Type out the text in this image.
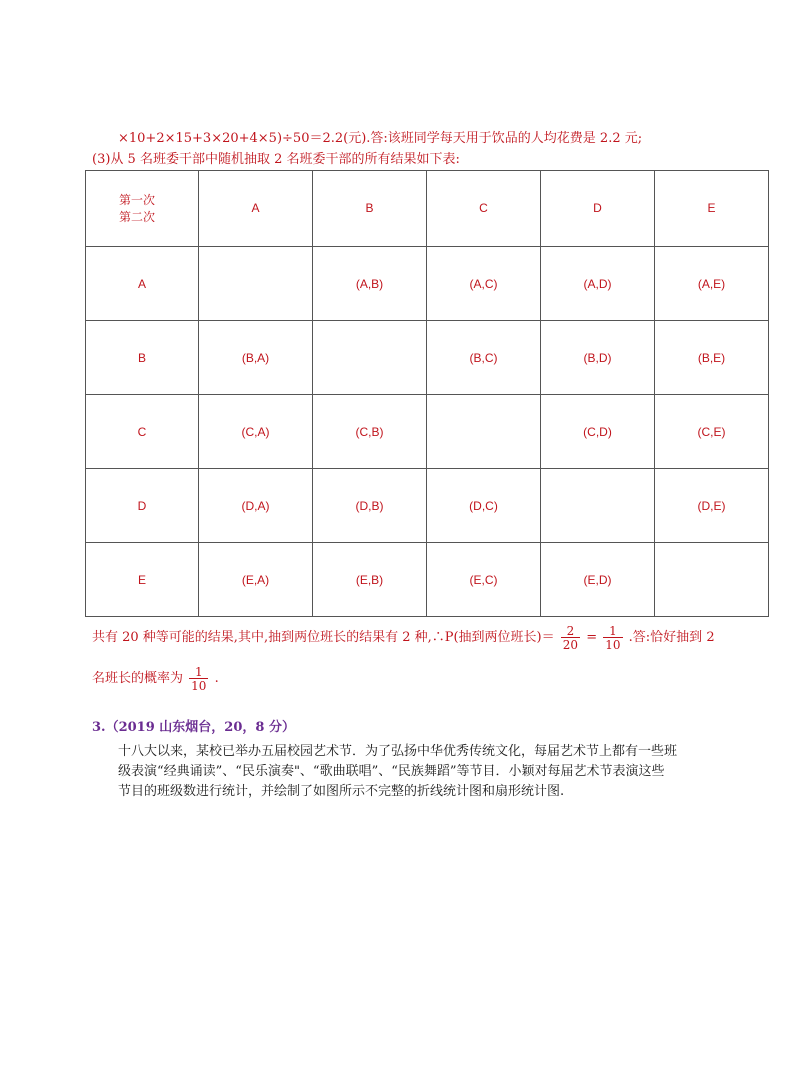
×10+2×15+3×20+4×5)÷50＝2.2(元).答:该班同学每天用于饮品的人均花费是 2.2 元;
(3)从 5 名班委干部中随机抽取 2 名班委干部的所有结果如下表:
第一次
第二次	A	B	C	D	E
A		(A,B)	(A,C)	(A,D)	(A,E)
B	(B,A)		(B,C)	(B,D)	(B,E)
C	(C,A)	(C,B)		(C,D)	(C,E)
D	(D,A)	(D,B)	(D,C)		(D,E)
E	(E,A)	(E,B)	(E,C)	(E,D)	
共有 20 种等可能的结果,其中,抽到两位班长的结果有 2 种,∴P(抽到两位班长)＝ $\frac{2}{20} = \frac{1}{10}$ .答:恰好抽到 2
名班长的概率为 $\frac{1}{10}$ .
3.（2019 山东烟台，20，8 分）
十八大以来，某校已举办五届校园艺术节．为了弘扬中华优秀传统文化，每届艺术节上都有一些班
级表演“经典诵读”、“民乐演奏"、“歌曲联唱”、“民族舞蹈”等节目．小颖对每届艺术节表演这些
节目的班级数进行统计，并绘制了如图所示不完整的折线统计图和扇形统计图.
